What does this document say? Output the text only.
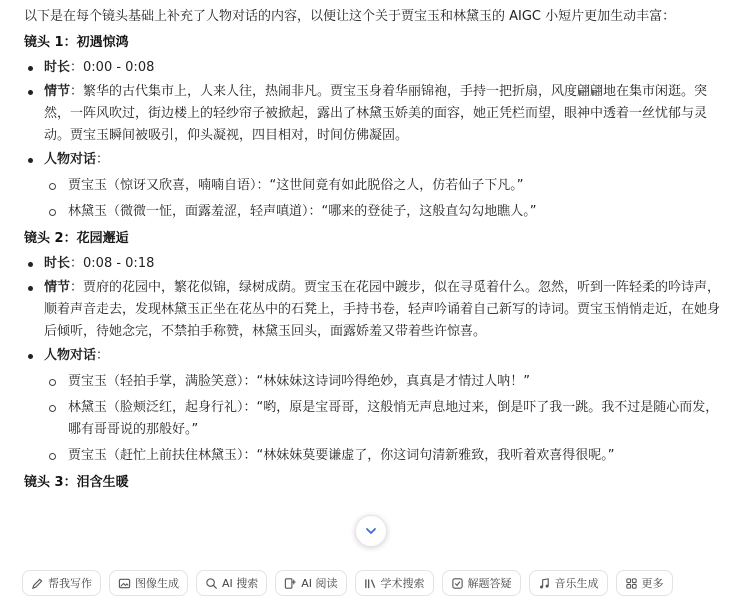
以下是在每个镜头基础上补充了人物对话的内容，以便让这个关于贾宝玉和林黛玉的 AIGC 小短片更加生动丰富：

镜头 1：初遇惊鸿
时长：0:00 - 0:08
情节：繁华的古代集市上，人来人往，热闹非凡。贾宝玉身着华丽锦袍，手持一把折扇，风度翩翩地在集市闲逛。突然，一阵风吹过，街边楼上的轻纱帘子被掀起，露出了林黛玉娇美的面容，她正凭栏而望，眼神中透着一丝忧郁与灵动。贾宝玉瞬间被吸引，仰头凝视，四目相对，时间仿佛凝固。
人物对话：
贾宝玉（惊讶又欣喜，喃喃自语）：“这世间竟有如此脱俗之人，仿若仙子下凡。”
林黛玉（微微一怔，面露羞涩，轻声嗔道）：“哪来的登徒子，这般直勾勾地瞧人。”
镜头 2：花园邂逅
时长：0:08 - 0:18
情节：贾府的花园中，繁花似锦，绿树成荫。贾宝玉在花园中踱步，似在寻觅着什么。忽然，听到一阵轻柔的吟诗声，顺着声音走去，发现林黛玉正坐在花丛中的石凳上，手持书卷，轻声吟诵着自己新写的诗词。贾宝玉悄悄走近，在她身后倾听，待她念完，不禁拍手称赞，林黛玉回头，面露娇羞又带着些许惊喜。
人物对话：
贾宝玉（轻拍手掌，满脸笑意）：“林妹妹这诗词吟得绝妙，真真是才情过人呐！”
林黛玉（脸颊泛红，起身行礼）：“哟，原是宝哥哥，这般悄无声息地过来，倒是吓了我一跳。我不过是随心而发，哪有哥哥说的那般好。”
贾宝玉（赶忙上前扶住林黛玉）：“林妹妹莫要谦虚了，你这词句清新雅致，我听着欢喜得很呢。”
镜头 3：泪含生暖
帮我写作	图像生成	AI 搜索	AI 阅读	学术搜索	解题答疑	音乐生成	更多
